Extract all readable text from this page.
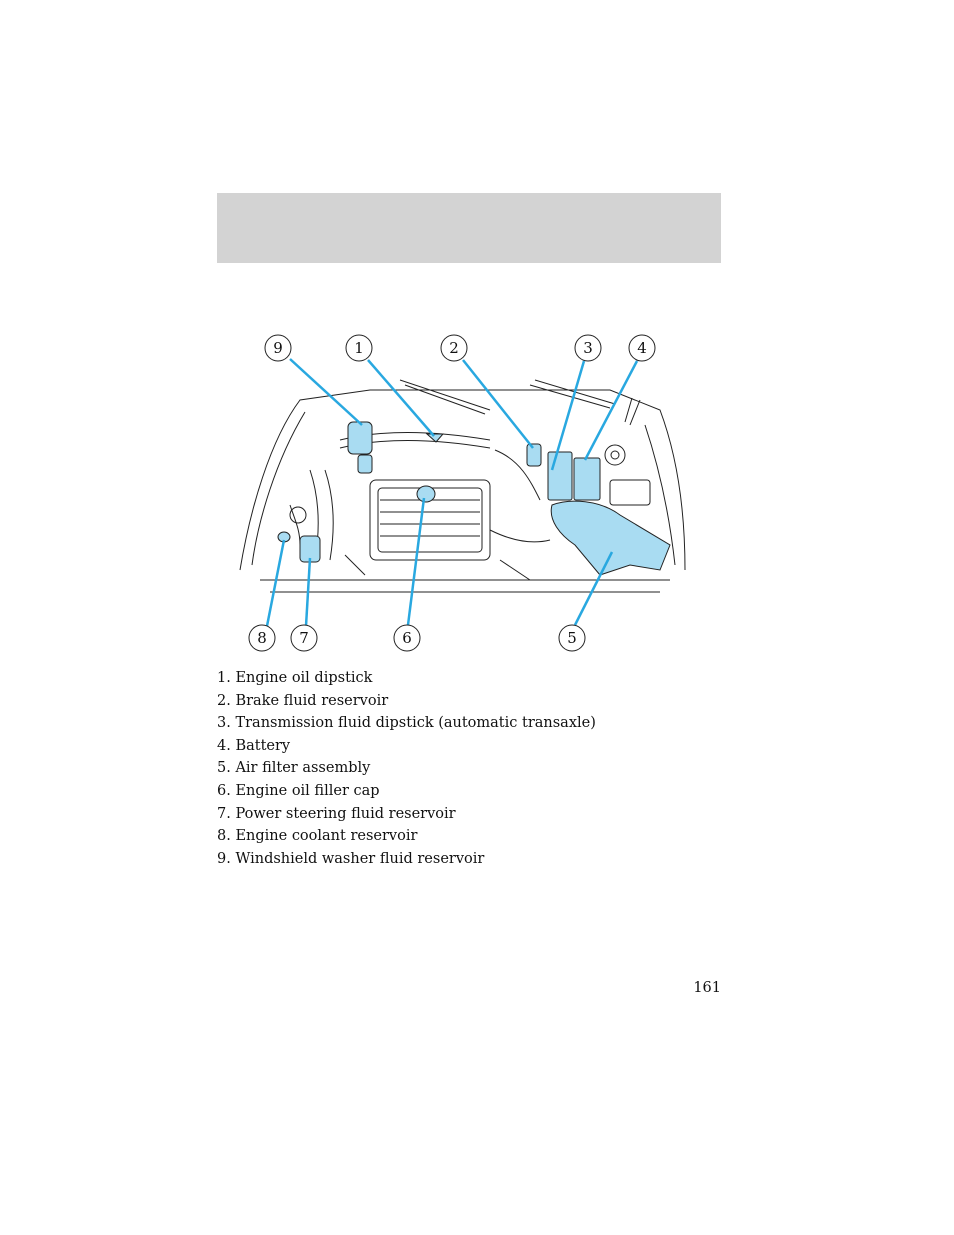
9	1	2	3	4
8 7	6	5
1. Engine oil dipstick
2. Brake fluid reservoir
3. Transmission fluid dipstick (automatic transaxle)
4. Battery
5. Air filter assembly
6. Engine oil filler cap
7. Power steering fluid reservoir
8. Engine coolant reservoir
9. Windshield washer fluid reservoir
161
